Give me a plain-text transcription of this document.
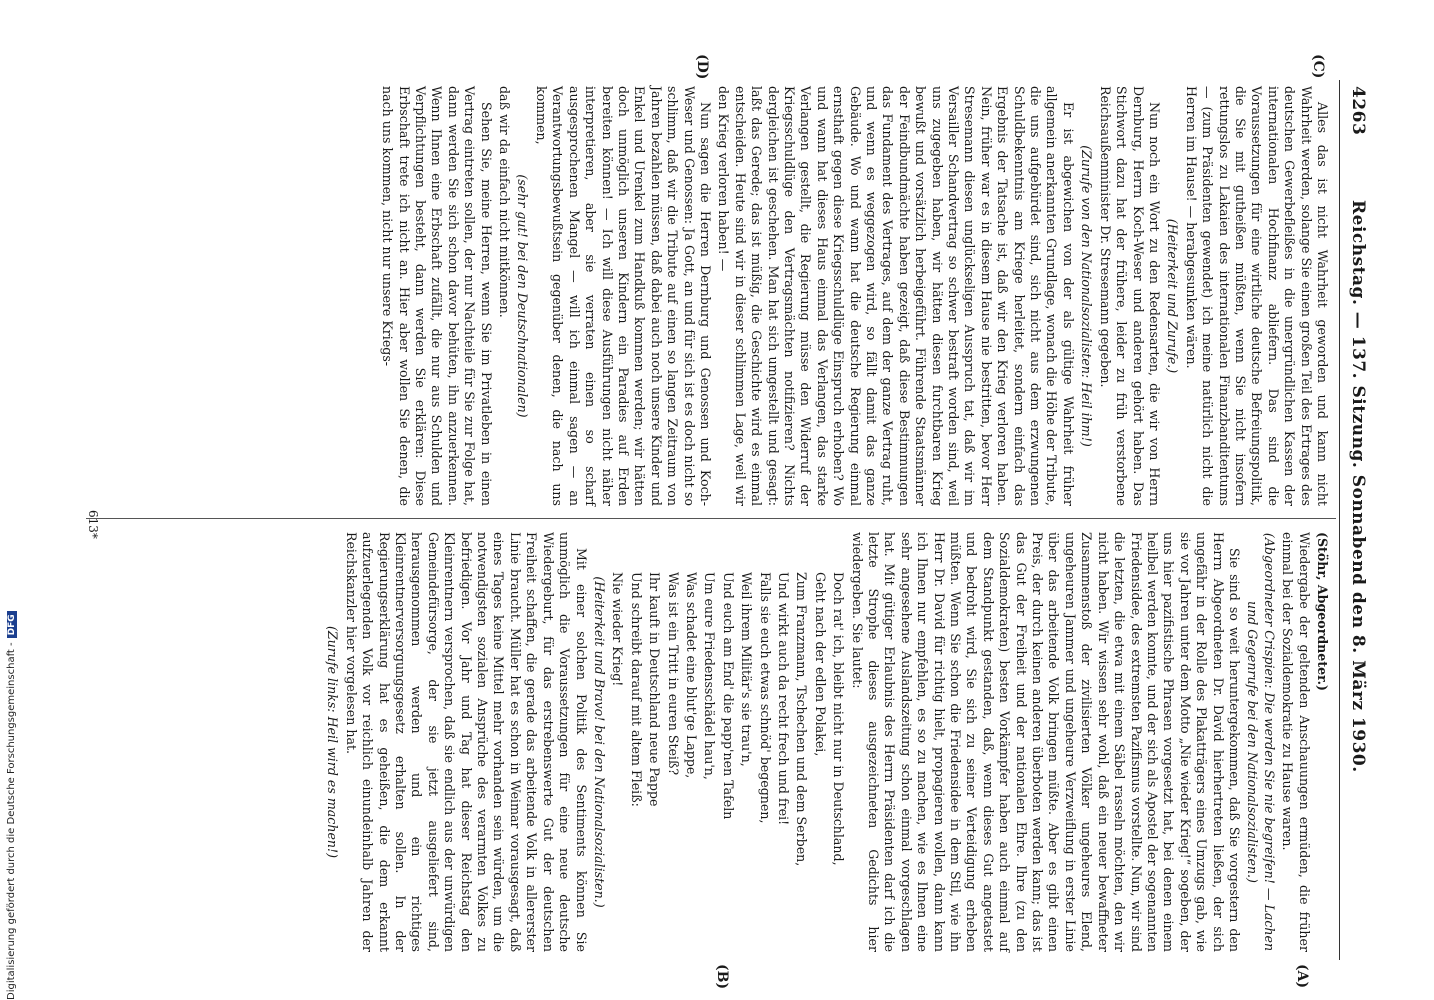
4263
Reichstag. — 137. Sitzung. Sonnabend den 8. März 1930.
(C)
(D)
(A)
(B)

Alles das ist nicht Wahrheit geworden und kann nicht Wahrheit werden, solange Sie einen großen Teil des Ertrages des deutschen Gewerbefleißes in die unergründlichen Kassen der internationalen Hochfinanz abliefern. Das sind die Voraussetzungen für eine wirtliche deutsche Befreiungspolitik, die Sie mit gutheißen müßten, wenn Sie nicht insofern rettungslos zu Lakaien des internationalen Finanzbanditentums — (zum Präsidenten gewendet) ich meine natürlich nicht die Herren im Hause! — herabgesunken wären.

(Heiterkeit und Zurufe.)

Nun noch ein Wort zu den Redensarten, die wir von Herrn Dernburg, Herrn Koch-Weser und anderen gehört haben. Das Stichwort dazu hat der frühere, leider zu früh verstorbene Reichsaußenminister Dr. Stresemann gegeben.

(Zurufe von den Nationalsozialisten: Heil ihm!)

Er ist abgewichen von der als gültige Wahrheit früher allgemein anerkannten Grundlage, wonach die Höhe der Tribute, die uns aufgebürdet sind, sich nicht aus dem erzwungenen Schuldbekenntnis am Kriege herleitet, sondern einfach das Ergebnis der Tatsache ist, daß wir den Krieg verloren haben. Nein, früher war es in diesem Hause nie bestritten, bevor Herr Stresemann diesen unglückseligen Ausspruch tat, daß wir im Versailler Schandvertrag so schwer bestraft worden sind, weil uns zugegeben haben, wir hätten diesen furchtbaren Krieg bewußt und vorsätzlich herbeigeführt. Führende Staatsmänner der Feindbundmächte haben gezeigt, daß diese Bestimmungen das Fundament des Vertrages, auf dem der ganze Vertrag ruht, und wenn es weggezogen wird, so fällt damit das ganze Gebäude. Wo und wann hat die deutsche Regierung einmal ernsthaft gegen diese Kriegsschuldlüge Einspruch erhoben? Wo und wann hat dieses Haus einmal das Verlangen, das starke Verlangen gestellt, die Regierung müsse den Widerruf der Kriegsschuldlüge den Vertragsmächten notifizieren? Nichts dergleichen ist geschehen. Man hat sich umgestellt und gesagt: laßt das Gerede; das ist müßig, die Geschichte wird es einmal entscheiden. Heute sind wir in dieser schlimmen Lage, weil wir den Krieg verloren haben! —

Nun sagen die Herren Dernburg und Genossen und Koch-Weser und Genossen: Ja Gott, an und für sich ist es doch nicht so schlimm, daß wir die Tribute auf einen so langen Zeitraum von Jahren bezahlen müssen, daß dabei auch noch unsere Kinder und Enkel und Urenkel zum Handkuß kommen werden; wir hätten doch unmöglich unseren Kindern ein Paradies auf Erden bereiten können! — Ich will diese Ausführungen nicht näher interpretieren, aber sie verraten einen so scharf ausgesprochenen Mangel — will ich einmal sagen — an Verantwortungsbewußtsein gegenüber denen, die nach uns kommen,

(sehr gut! bei den Deutschnationalen)

daß wir da einfach nicht mitkönnen.

Sehen Sie, meine Herren, wenn Sie im Privatleben in einen Vertrag eintreten sollen, der nur Nachteile für Sie zur Folge hat, dann werden Sie sich schon davor behüten, ihn anzuerkennen. Wenn Ihnen eine Erbschaft zufällt, die nur aus Schulden und Verpflichtungen besteht, dann werden Sie erklären: Diese Erbschaft trete ich nicht an. Hier aber wollen Sie denen, die nach uns kommen, nicht nur unsere Kriegs-

(Stöhr, Abgeordneter.)

Wiedergabe der geltenden Anschauungen ermüden, die früher einmal bei der Sozialdemokratie zu Hause waren.

(Abgeordneter Crispien: Die werden Sie nie begreifen! — Lachen und Gegenrufe bei den Nationalsozialisten.)

Sie sind so weit heruntergekommen, daß Sie vorgestern den Herrn Abgeordneten Dr. David hierhertreten ließen, der sich ungefähr in der Rolle des Plakatträgers eines Umzugs gab, wie sie vor Jahren unter dem Motto „Nie wieder Krieg!“ sogeben, der uns hier pazifistische Phrasen vorgesetzt hat, bei denen einem heilbel werden konnte, und der sich als Apostel der sogenannten Friedensidee, des extremsten Pazifismus vorstellte. Nun, wir sind die letzten, die etwa mit einem Säbel rasseln möchten, den wir nicht haben. Wir wissen sehr wohl, daß ein neuer bewaffneter Zusammenstoß der zivilisierten Völker ungeheures Elend, ungeheuren Jammer und ungeheure Verzweiflung in erster Linie über das arbeitende Volk bringen müßte. Aber es gibt einen Preis, der durch keinen anderen überboten werden kann; das ist das Gut der Freiheit und der nationalen Ehre. Ihre (zu den Sozialdemokraten) besten Vorkämpfer haben auch einmal auf dem Standpunkt gestanden, daß, wenn dieses Gut angetastet und bedroht wird, Sie sich zu seiner Verteidigung erheben müßten. Wenn Sie schon die Friedensidee in dem Stil, wie ihn Herr Dr. David für richtig hielt, propagieren wollen, dann kann ich Ihnen nur empfehlen, es so zu machen, wie es Ihnen eine sehr angesehene Auslandszeitung schon einmal vorgeschlagen hat. Mit gütiger Erlaubnis des Herrn Präsidenten darf ich die letzte Strophe dieses ausgezeichneten Gedichts hier wiedergeben. Sie lautet:

Doch rat' ich, bleibt nicht nur in Deutschland,

Geht nach der edlen Polakei,

Zum Franzmann, Tschechen und dem Serben,

Und wirkt auch da recht frech und frei!

Falls sie euch etwas schnöd' begegnen,

Weil ihrem Militär's sie trau'n,

Und euch am End' die papp'nen Tafeln

Um eure Friedensschädel hau'n,

Was schadet eine blut'ge Lappe,

Was ist ein Tritt in euren Steiß?

Ihr kauft in Deutschland neue Pappe

Und schreibt darauf mit altem Fleiß:

Nie wieder Krieg!

(Heiterkeit und Bravo! bei den Nationalsozialisten.)

Mit einer solchen Politik des Sentiments können Sie unmöglich die Voraussetzungen für eine neue deutsche Wiedergeburt, für das erstrebenswerte Gut der deutschen Freiheit schaffen, die gerade das arbeitende Volk in allererster Linie braucht. Müller hat es schon in Weimar vorausgesagt, daß eines Tages keine Mittel mehr vorhanden sein würden, um die notwendigsten sozialen Ansprüche des verarmten Volkes zu befriedigen. Vor Jahr und Tag hat dieser Reichstag den Kleinrentnern versprochen, daß sie endlich aus der unwürdigen Gemeindefürsorge, der sie jetzt ausgeliefert sind, herausgenommen werden und ein richtiges Kleinrentnerversorgungsgesetz erhalten sollen. In der Regierungserklärung hat es geheißen, die dem erkannt aufzuerlegenden Volk vor reichlich einundeinhalb Jahren der Reichskanzler hier vorgelesen hat.

(Zurufe links: Heil wird es machen!)

613*
Digitalisierung gefördert durch die Deutsche Forschungsgemeinschaft -DFG
